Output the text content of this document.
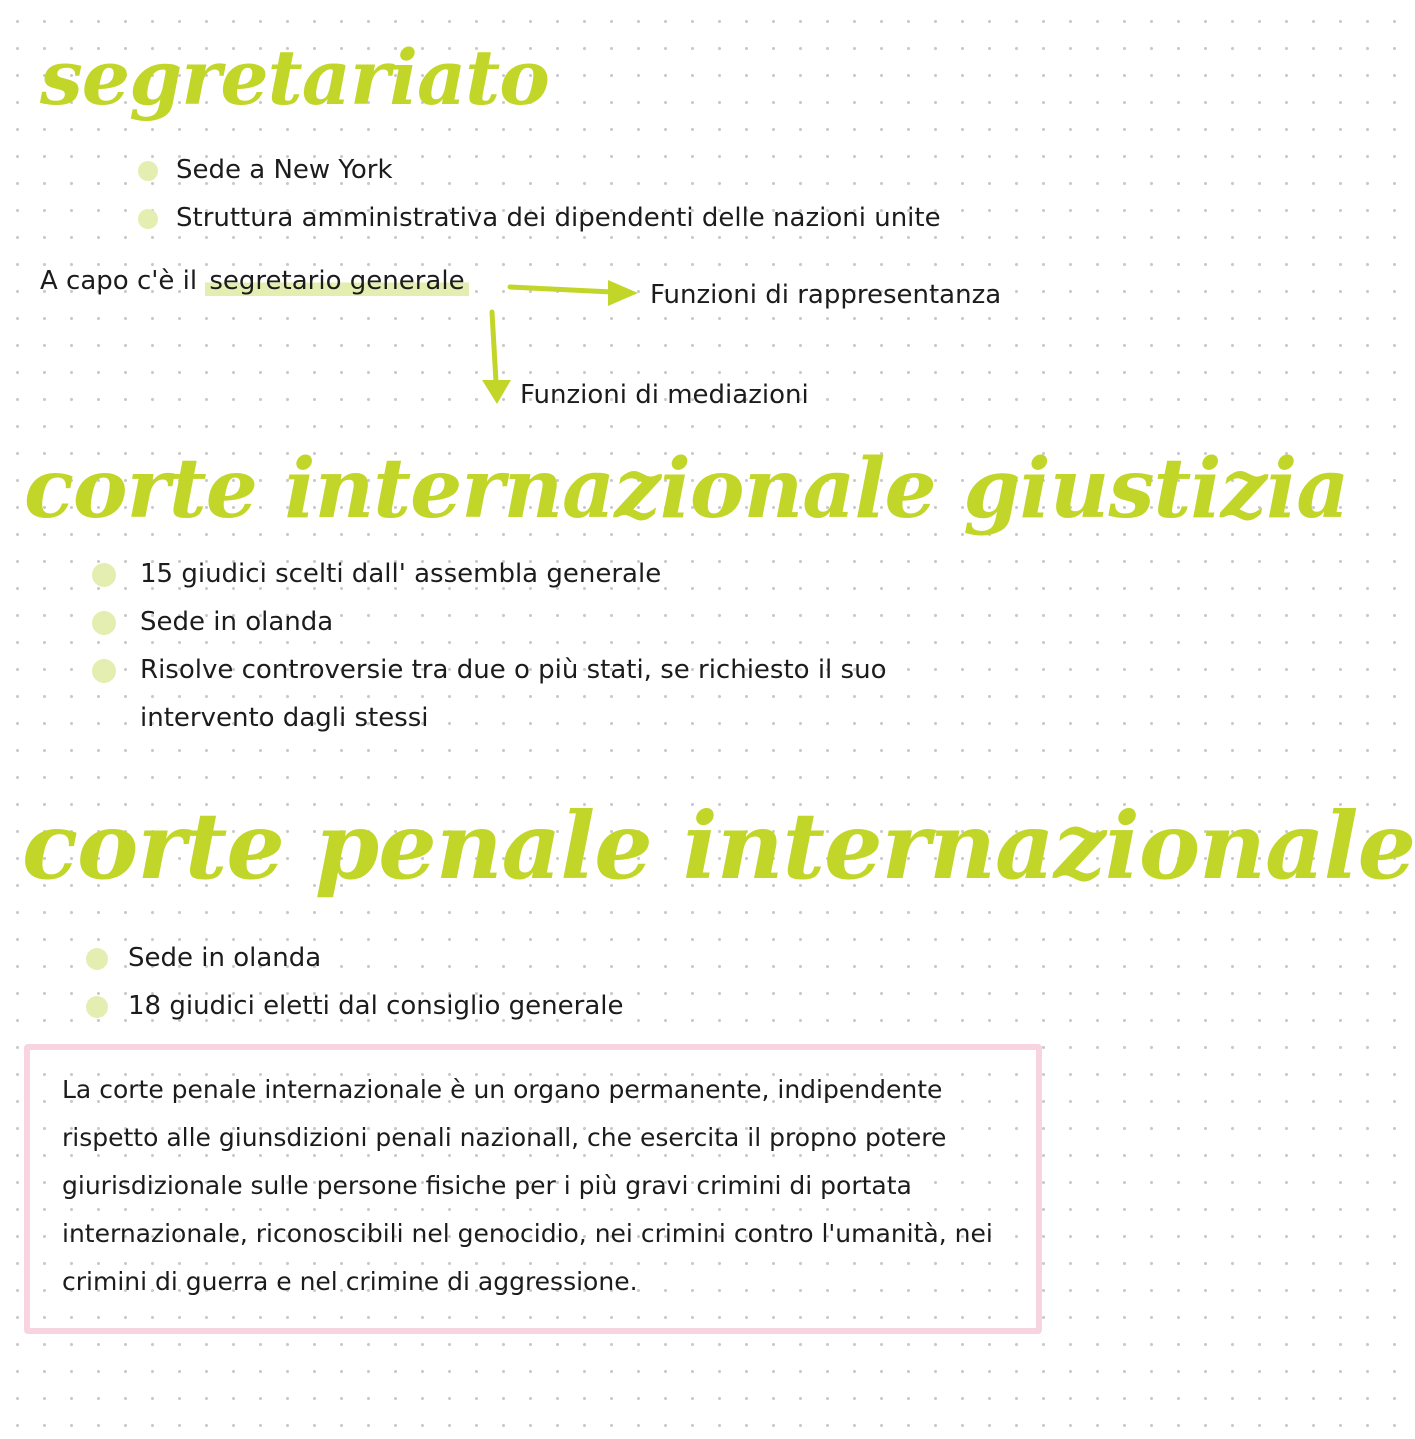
segretariato
Sede a New York
Struttura amministrativa dei dipendenti delle nazioni unite
A capo c'è il segretario generale	Funzioni di rappresentanza
Funzioni di mediazioni
corte internazionale giustizia
15 giudici scelti dall' assembla generale
Sede in olanda
Risolve controversie tra due o più stati, se richiesto il suo intervento dagli stessi
corte penale internazionale
Sede in olanda
18 giudici eletti dal consiglio generale

La corte penale internazionale è un organo permanente, indipendente rispetto alle giunsdizioni penali nazionall, che esercita il propno potere giurisdizionale sulle persone fisiche per i più gravi crimini di portata internazionale, riconoscibili nel genocidio, nei crimini contro l'umanità, nei crimini di guerra e nel crimine di aggressione.
